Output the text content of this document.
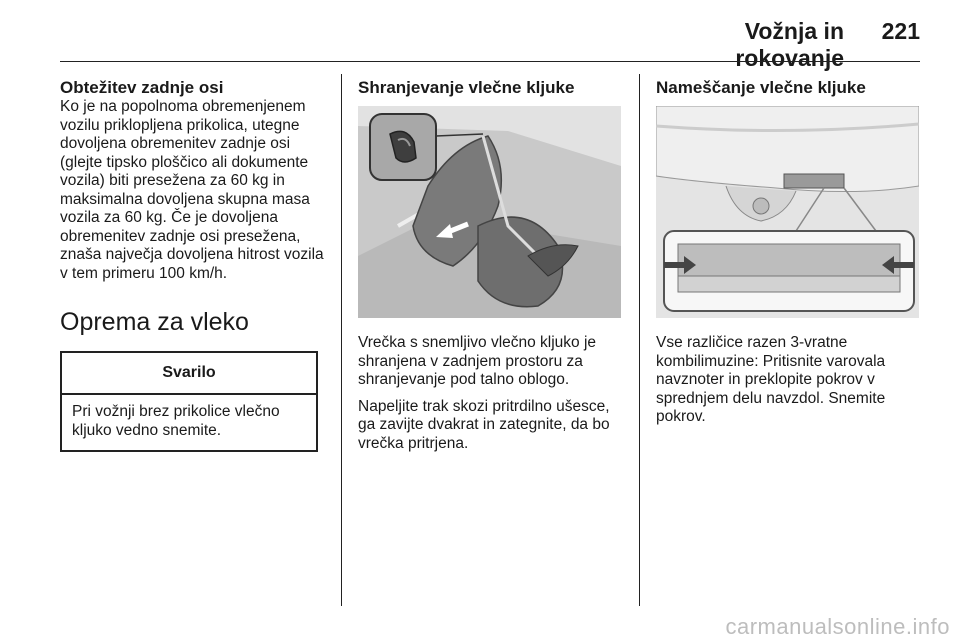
Vožnja in rokovanje
221
Obtežitev zadnje osi

Ko je na popolnoma obremenjenem vozilu priklopljena prikolica, utegne dovoljena obremenitev zadnje osi (glejte tipsko ploščico ali dokumente vozila) biti presežena za 60 kg in maksimalna dovoljena skupna masa vozila za 60 kg. Če je dovoljena obremenitev zadnje osi presežena, znaša največja dovoljena hitrost vozila v tem primeru 100 km/h.

Oprema za vleko
Svarilo
Pri vožnji brez prikolice vlečno kljuko vedno snemite.
Shranjevanje vlečne kljuke

Vrečka s snemljivo vlečno kljuko je shranjena v zadnjem prostoru za shranjevanje pod talno oblogo.

Napeljite trak skozi pritrdilno ušesce, ga zavijte dvakrat in zategnite, da bo vrečka pritrjena.

Nameščanje vlečne kljuke

Vse različice razen 3-vratne kombilimuzine: Pritisnite varovala navznoter in preklopite pokrov v sprednjem delu navzdol. Snemite pokrov.

carmanualsonline.info
